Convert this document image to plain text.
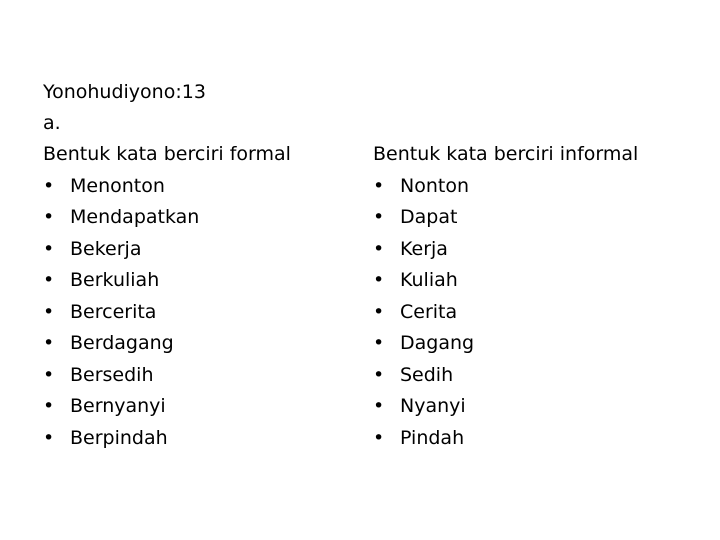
Yonohudiyono:13
a.
Bentuk kata berciri formal
• Menonton
• Mendapatkan
• Bekerja
• Berkuliah
• Bercerita
• Berdagang
• Bersedih
• Bernyanyi
• Berpindah
Bentuk kata berciri informal
• Nonton
• Dapat
• Kerja
• Kuliah
• Cerita
• Dagang
• Sedih
• Nyanyi
• Pindah
